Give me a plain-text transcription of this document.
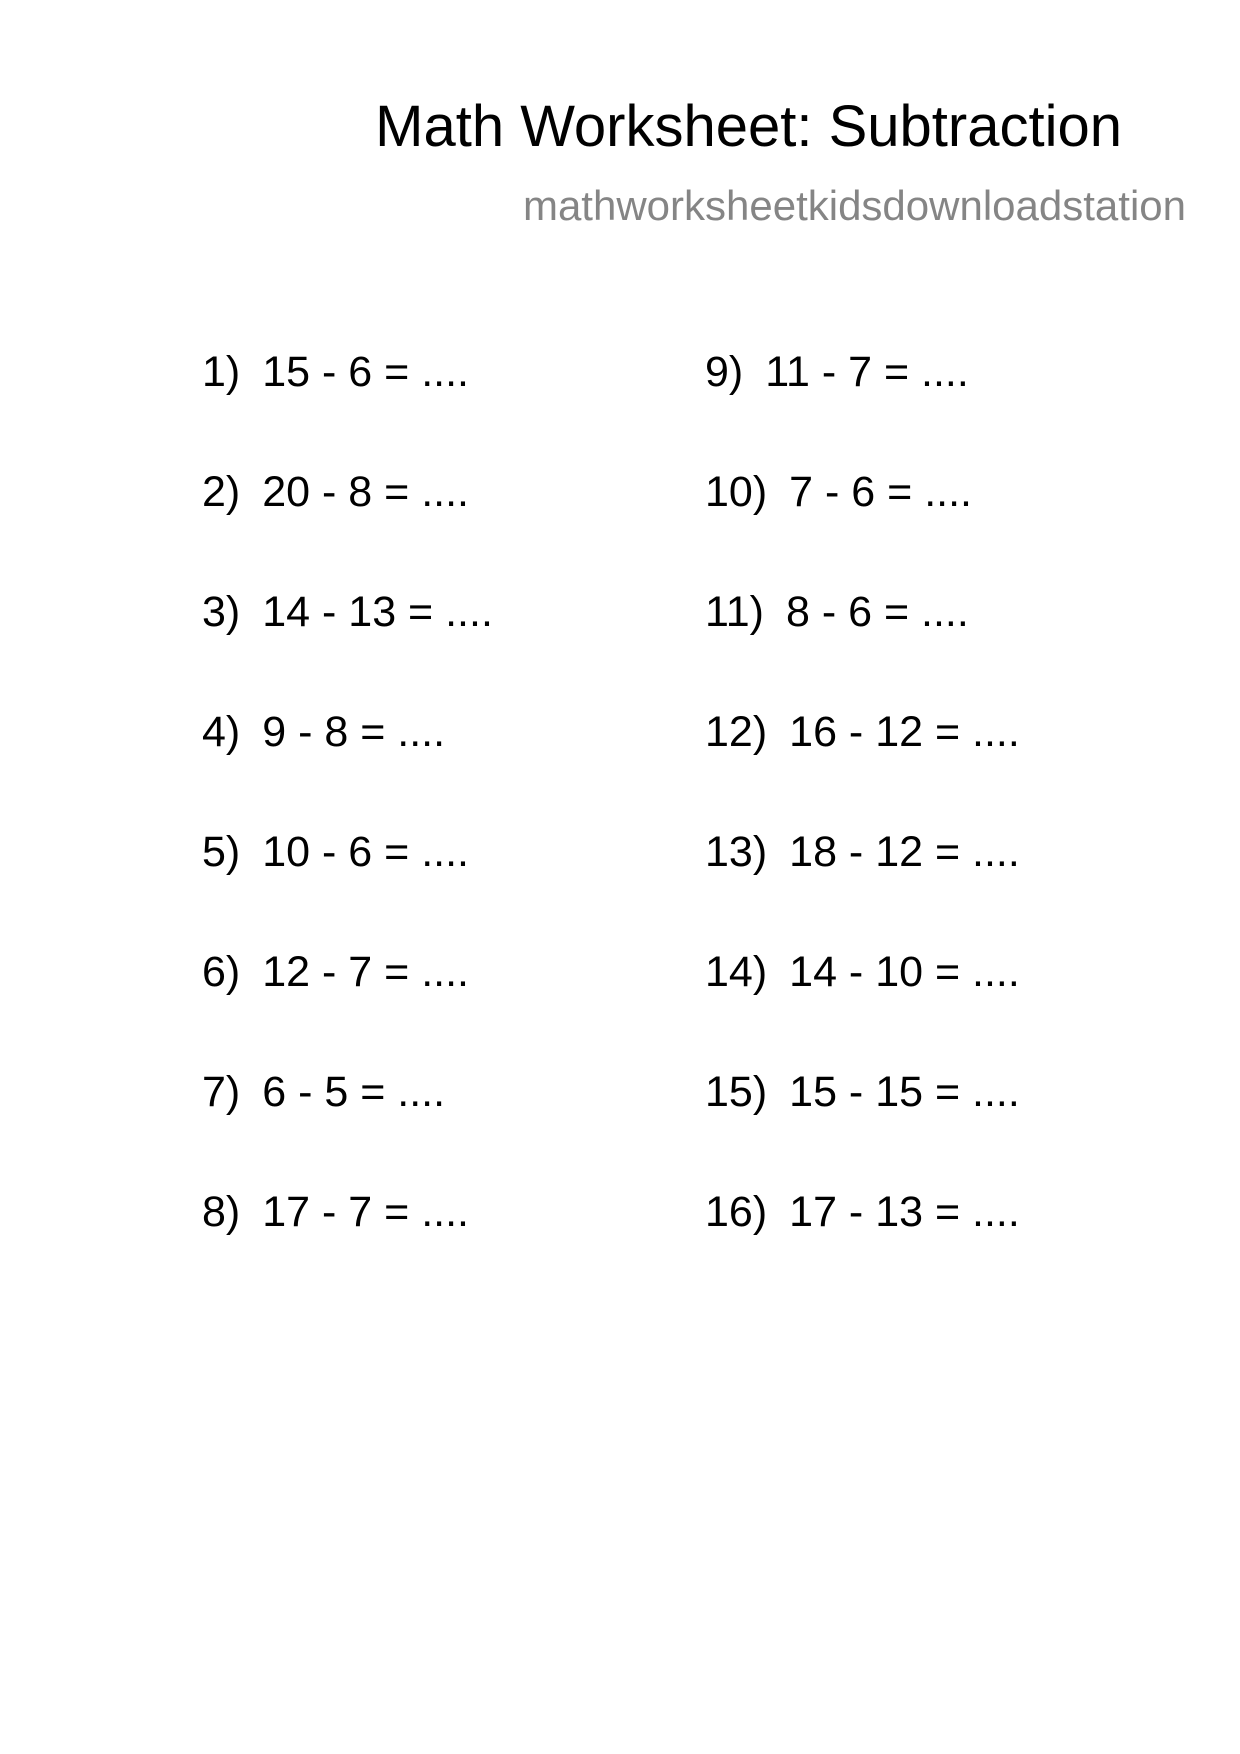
Math Worksheet: Subtraction
mathworksheetkidsdownloadstation
1) 15 - 6 = ....
2) 20 - 8 = ....
3) 14 - 13 = ....
4) 9 - 8 = ....
5) 10 - 6 = ....
6) 12 - 7 = ....
7) 6 - 5 = ....
8) 17 - 7 = ....
9) 11 - 7 = ....
10) 7 - 6 = ....
11) 8 - 6 = ....
12) 16 - 12 = ....
13) 18 - 12 = ....
14) 14 - 10 = ....
15) 15 - 15 = ....
16) 17 - 13 = ....
